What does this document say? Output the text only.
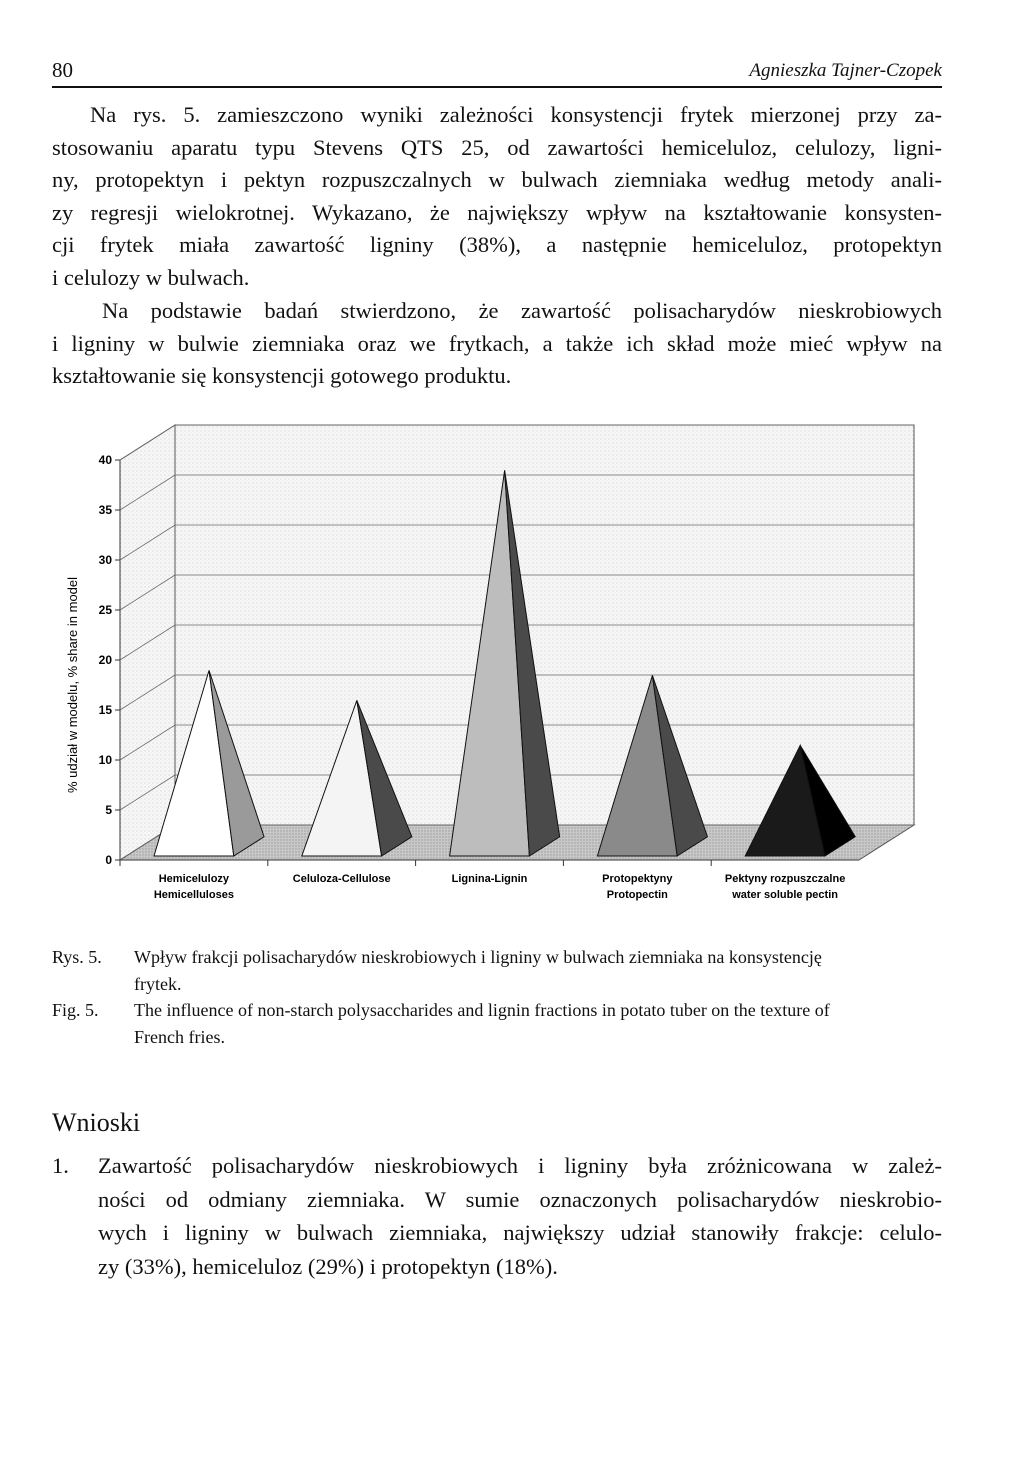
80	Agnieszka Tajner-Czopek
Na rys. 5. zamieszczono wyniki zależności konsystencji frytek mierzonej przy za-
stosowaniu aparatu typu Stevens QTS 25, od zawartości hemiceluloz, celulozy, ligni-
ny, protopektyn i pektyn rozpuszczalnych w bulwach ziemniaka według metody anali-
zy regresji wielokrotnej. Wykazano, że największy wpływ na kształtowanie konsysten-
cji frytek miała zawartość ligniny (38%), a następnie hemiceluloz, protopektyn
i celulozy w bulwach.
Na podstawie badań stwierdzono, że zawartość polisacharydów nieskrobiowych
i ligniny w bulwie ziemniaka oraz we frytkach, a także ich skład może mieć wpływ na
kształtowanie się konsystencji gotowego produktu.
0
5
10
15
20
25
30
35
40
Hemicelulozy
Hemicelluloses
Celuloza-Cellulose	Lignina-Lignin	Protopektyny
Protopectin
Pektyny rozpuszczalne
water soluble pectin
% udział w modelu, % share in model
Rys. 5. Wpływ frakcji polisacharydów nieskrobiowych i ligniny w bulwach ziemniaka na konsystencję
frytek.
Fig. 5. The influence of non-starch polysaccharides and lignin fractions in potato tuber on the texture of
French fries.
Wnioski
1. Zawartość polisacharydów nieskrobiowych i ligniny była zróżnicowana w zależ-
ności od odmiany ziemniaka. W sumie oznaczonych polisacharydów nieskrobio-
wych i ligniny w bulwach ziemniaka, największy udział stanowiły frakcje: celulo-
zy (33%), hemiceluloz (29%) i protopektyn (18%).
